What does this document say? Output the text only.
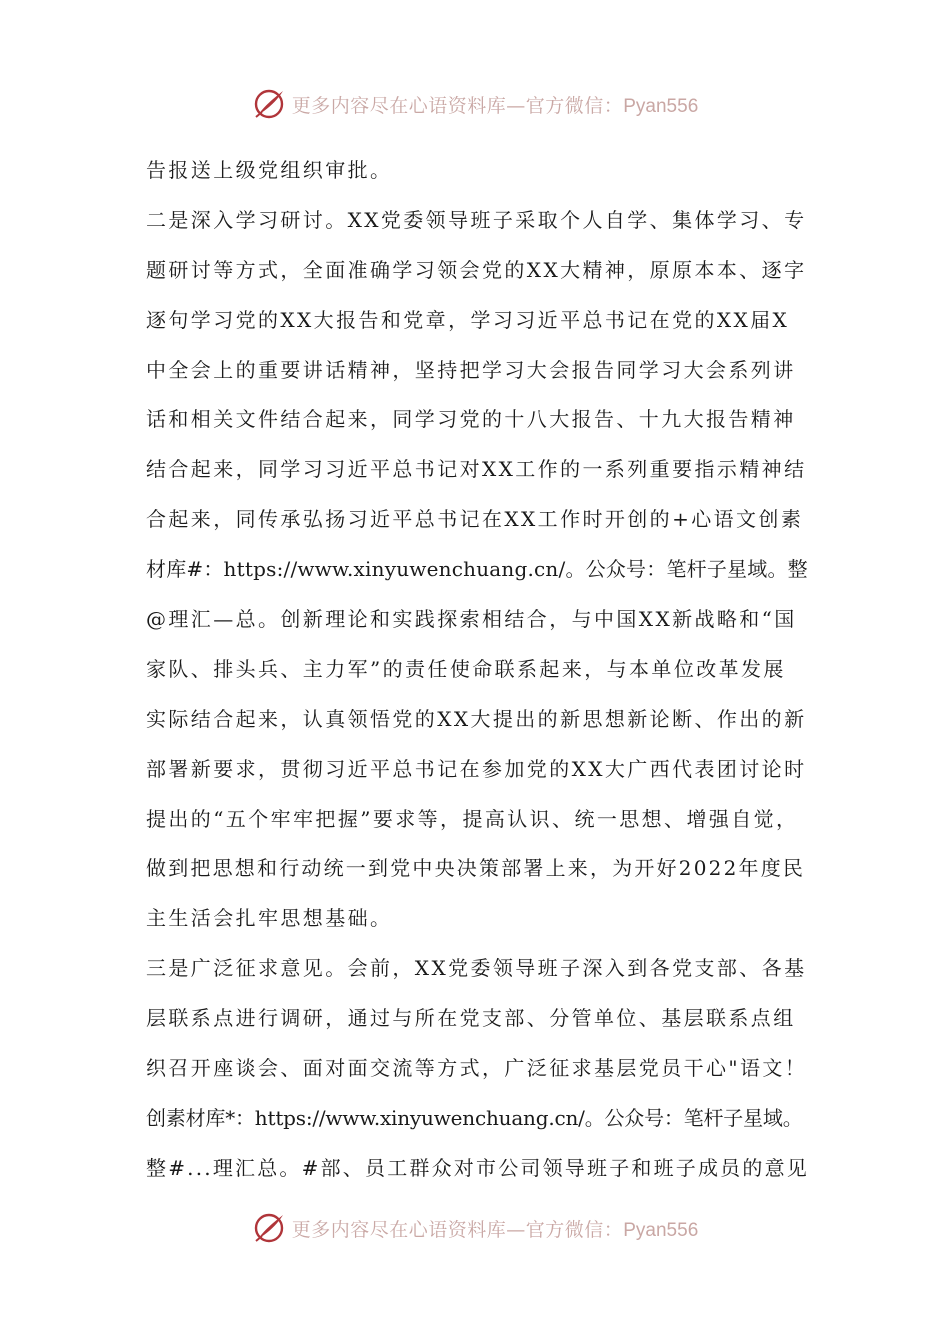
更多内容尽在心语资料库—官方微信：Pyan556
告报送上级党组织审批。
二是深入学习研讨。XX党委领导班子采取个人自学、集体学习、专
题研讨等方式，全面准确学习领会党的XX大精神，原原本本、逐字
逐句学习党的XX大报告和党章，学习习近平总书记在党的XX届X
中全会上的重要讲话精神，坚持把学习大会报告同学习大会系列讲
话和相关文件结合起来，同学习党的十八大报告、十九大报告精神
结合起来，同学习习近平总书记对XX工作的一系列重要指示精神结
合起来，同传承弘扬习近平总书记在XX工作时开创的+心语文创素
材库#：https://www.xinyuwenchuang.cn/。公众号：笔杆子星域。整
@理汇—总。创新理论和实践探索相结合，与中国XX新战略和“国
家队、排头兵、主力军”的责任使命联系起来，与本单位改革发展
实际结合起来，认真领悟党的XX大提出的新思想新论断、作出的新
部署新要求，贯彻习近平总书记在参加党的XX大广西代表团讨论时
提出的“五个牢牢把握”要求等，提高认识、统一思想、增强自觉，
做到把思想和行动统一到党中央决策部署上来，为开好2022年度民
主生活会扎牢思想基础。
三是广泛征求意见。会前，XX党委领导班子深入到各党支部、各基
层联系点进行调研，通过与所在党支部、分管单位、基层联系点组
织召开座谈会、面对面交流等方式，广泛征求基层党员干心"语文！
创素材库*：https://www.xinyuwenchuang.cn/。公众号：笔杆子星域。
整#...理汇总。#部、员工群众对市公司领导班子和班子成员的意见
更多内容尽在心语资料库—官方微信：Pyan556
